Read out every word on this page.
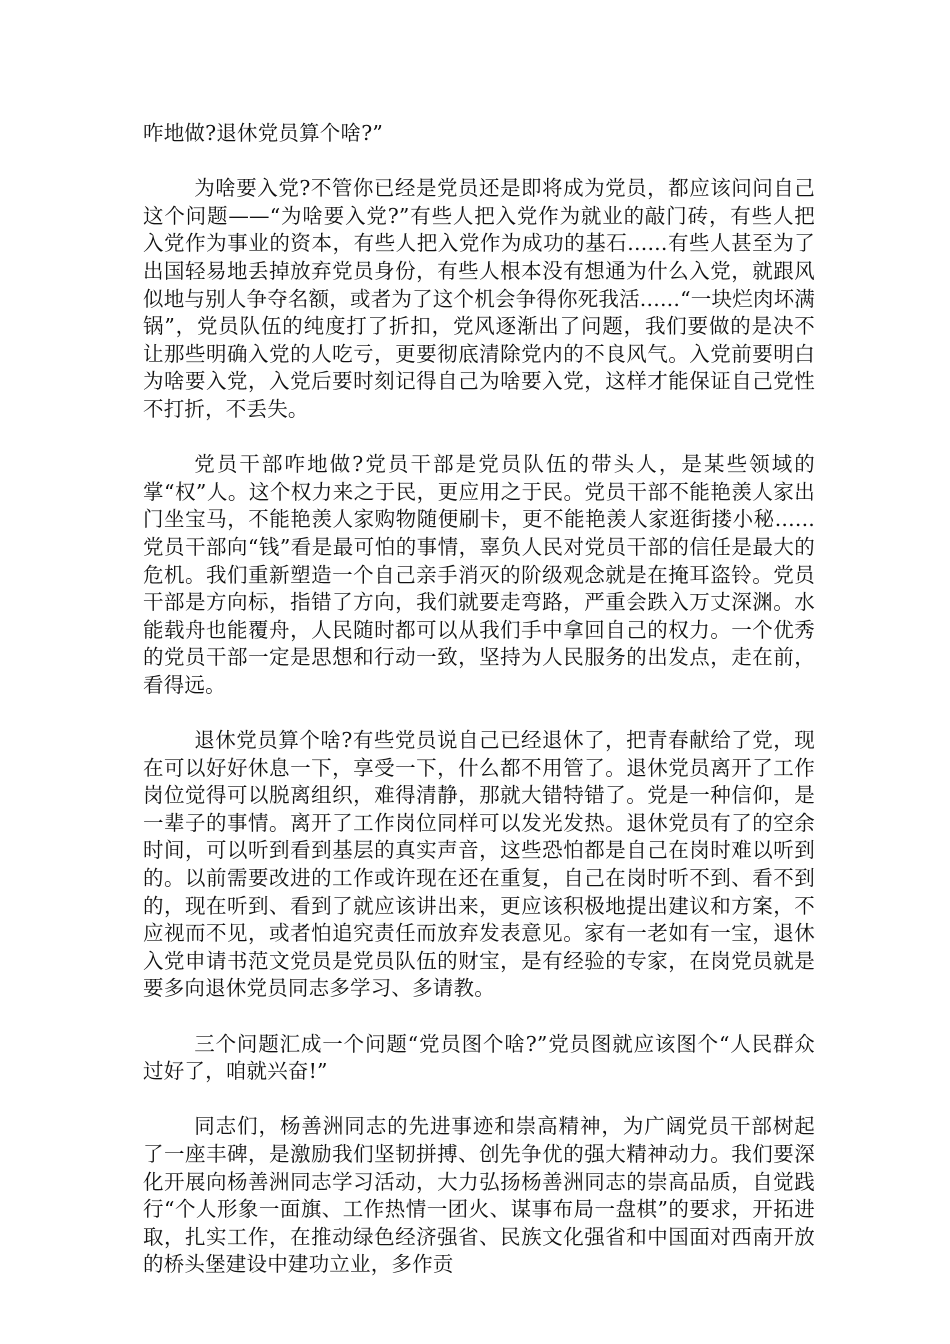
咋地做?退休党员算个啥?”

为啥要入党?不管你已经是党员还是即将成为党员，都应该问问自己这个问题——“为啥要入党?”有些人把入党作为就业的敲门砖，有些人把入党作为事业的资本，有些人把入党作为成功的基石......有些人甚至为了出国轻易地丢掉放弃党员身份，有些人根本没有想通为什么入党，就跟风似地与别人争夺名额，或者为了这个机会争得你死我活......“一块烂肉坏满锅”，党员队伍的纯度打了折扣，党风逐渐出了问题，我们要做的是决不让那些明确入党的人吃亏，更要彻底清除党内的不良风气。入党前要明白为啥要入党，入党后要时刻记得自己为啥要入党，这样才能保证自己党性不打折，不丢失。

党员干部咋地做?党员干部是党员队伍的带头人，是某些领域的掌“权”人。这个权力来之于民，更应用之于民。党员干部不能艳羡人家出门坐宝马，不能艳羡人家购物随便刷卡，更不能艳羡人家逛街搂小秘......党员干部向“钱”看是最可怕的事情，辜负人民对党员干部的信任是最大的危机。我们重新塑造一个自己亲手消灭的阶级观念就是在掩耳盗铃。党员干部是方向标，指错了方向，我们就要走弯路，严重会跌入万丈深渊。水能载舟也能覆舟，人民随时都可以从我们手中拿回自己的权力。一个优秀的党员干部一定是思想和行动一致，坚持为人民服务的出发点，走在前，看得远。

退休党员算个啥?有些党员说自己已经退休了，把青春献给了党，现在可以好好休息一下，享受一下，什么都不用管了。退休党员离开了工作岗位觉得可以脱离组织，难得清静，那就大错特错了。党是一种信仰，是一辈子的事情。离开了工作岗位同样可以发光发热。退休党员有了的空余时间，可以听到看到基层的真实声音，这些恐怕都是自己在岗时难以听到的。以前需要改进的工作或许现在还在重复，自己在岗时听不到、看不到的，现在听到、看到了就应该讲出来，更应该积极地提出建议和方案，不应视而不见，或者怕追究责任而放弃发表意见。家有一老如有一宝，退休入党申请书范文党员是党员队伍的财宝，是有经验的专家，在岗党员就是要多向退休党员同志多学习、多请教。

三个问题汇成一个问题“党员图个啥?”党员图就应该图个“人民群众过好了，咱就兴奋!”

同志们，杨善洲同志的先进事迹和崇高精神，为广阔党员干部树起了一座丰碑，是激励我们坚韧拼搏、创先争优的强大精神动力。我们要深化开展向杨善洲同志学习活动，大力弘扬杨善洲同志的崇高品质，自觉践行“个人形象一面旗、工作热情一团火、谋事布局一盘棋”的要求，开拓进取，扎实工作，在推动绿色经济强省、民族文化强省和中国面对西南开放的桥头堡建设中建功立业，多作贡
